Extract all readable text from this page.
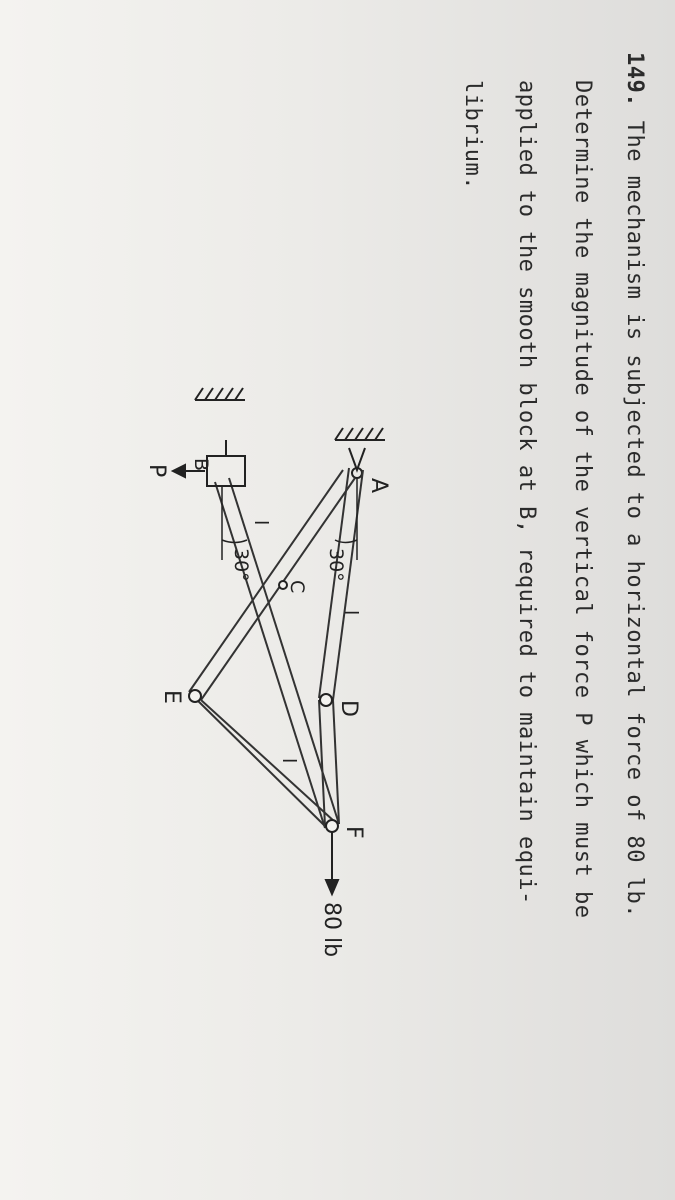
149. The mechanism is subjected to a horizontal force of 80 lb.
Determine the magnitude of the vertical force P which must be
applied to the smooth block at B, required to maintain equi-
librium.
A
B
C
D
E
F
P
l
l
l
30°
30°
80 lb
